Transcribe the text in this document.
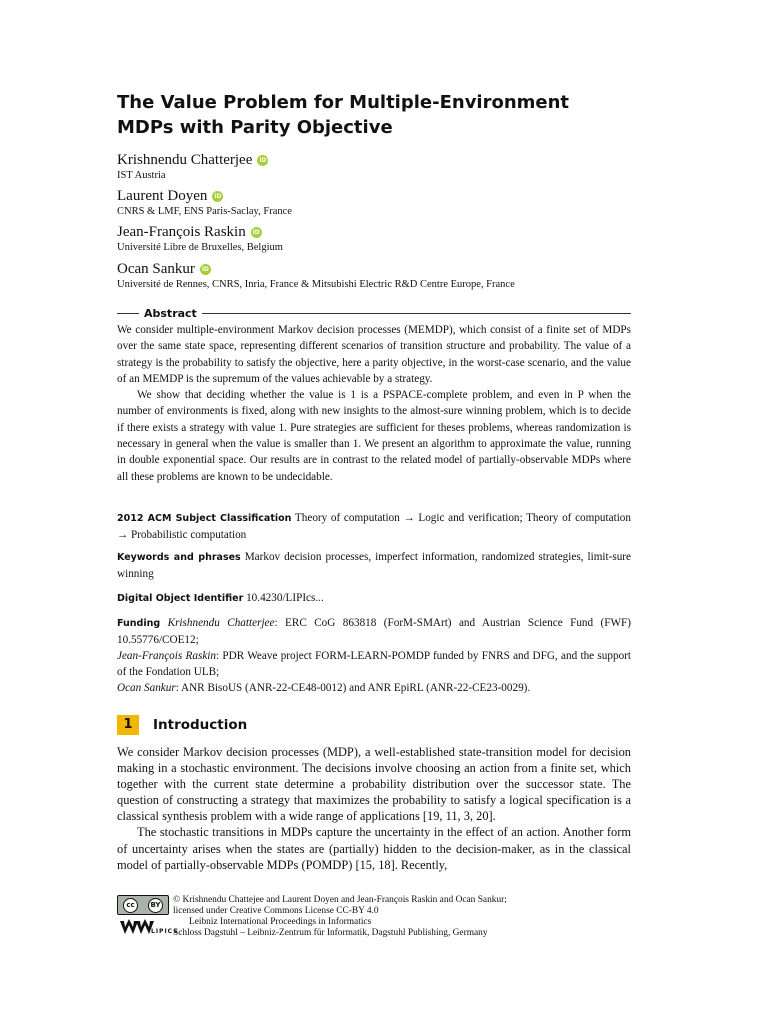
The Value Problem for Multiple-Environment MDPs with Parity Objective
Krishnendu Chatterjee	iD
IST Austria
Laurent Doyen	iD
CNRS & LMF, ENS Paris-Saclay, France
Jean-François Raskin	iD
Université Libre de Bruxelles, Belgium
Ocan Sankur	iD
Université de Rennes, CNRS, Inria, France & Mitsubishi Electric R&D Centre Europe, France
Abstract

We consider multiple-environment Markov decision processes (MEMDP), which consist of a finite set of MDPs over the same state space, representing different scenarios of transition structure and probability. The value of a strategy is the probability to satisfy the objective, here a parity objective, in the worst-case scenario, and the value of an MEMDP is the supremum of the values achievable by a strategy.

We show that deciding whether the value is 1 is a PSPACE-complete problem, and even in P when the number of environments is fixed, along with new insights to the almost-sure winning problem, which is to decide if there exists a strategy with value 1. Pure strategies are sufficient for theses problems, whereas randomization is necessary in general when the value is smaller than 1. We present an algorithm to approximate the value, running in double exponential space. Our results are in contrast to the related model of partially-observable MDPs where all these problems are known to be undecidable.

2012 ACM Subject Classification Theory of computation → Logic and verification; Theory of computation → Probabilistic computation
Keywords and phrases Markov decision processes, imperfect information, randomized strategies, limit-sure winning
Digital Object Identifier 10.4230/LIPIcs...
Funding Krishnendu Chatterjee: ERC CoG 863818 (ForM-SMArt) and Austrian Science Fund (FWF) 10.55776/COE12;
Jean-François Raskin: PDR Weave project FORM-LEARN-POMDP funded by FNRS and DFG, and the support of the Fondation ULB;
Ocan Sankur: ANR BisoUS (ANR-22-CE48-0012) and ANR EpiRL (ANR-22-CE23-0029).
1	Introduction

We consider Markov decision processes (MDP), a well-established state-transition model for decision making in a stochastic environment. The decisions involve choosing an action from a finite set, which together with the current state determine a probability distribution over the successor state. The question of constructing a strategy that maximizes the probability to satisfy a logical specification is a classical synthesis problem with a wide range of applications [19, 11, 3, 20].

The stochastic transitions in MDPs capture the uncertainty in the effect of an action. Another form of uncertainty arises when the states are (partially) hidden to the decision-maker, as in the classical model of partially-observable MDPs (POMDP) [15, 18]. Recently,

cc	BY
LIPICS
© Krishnendu Chattejee and Laurent Doyen and Jean-François Raskin and Ocan Sankur;
licensed under Creative Commons License CC-BY 4.0
Leibniz International Proceedings in Informatics
Schloss Dagstuhl – Leibniz-Zentrum für Informatik, Dagstuhl Publishing, Germany
